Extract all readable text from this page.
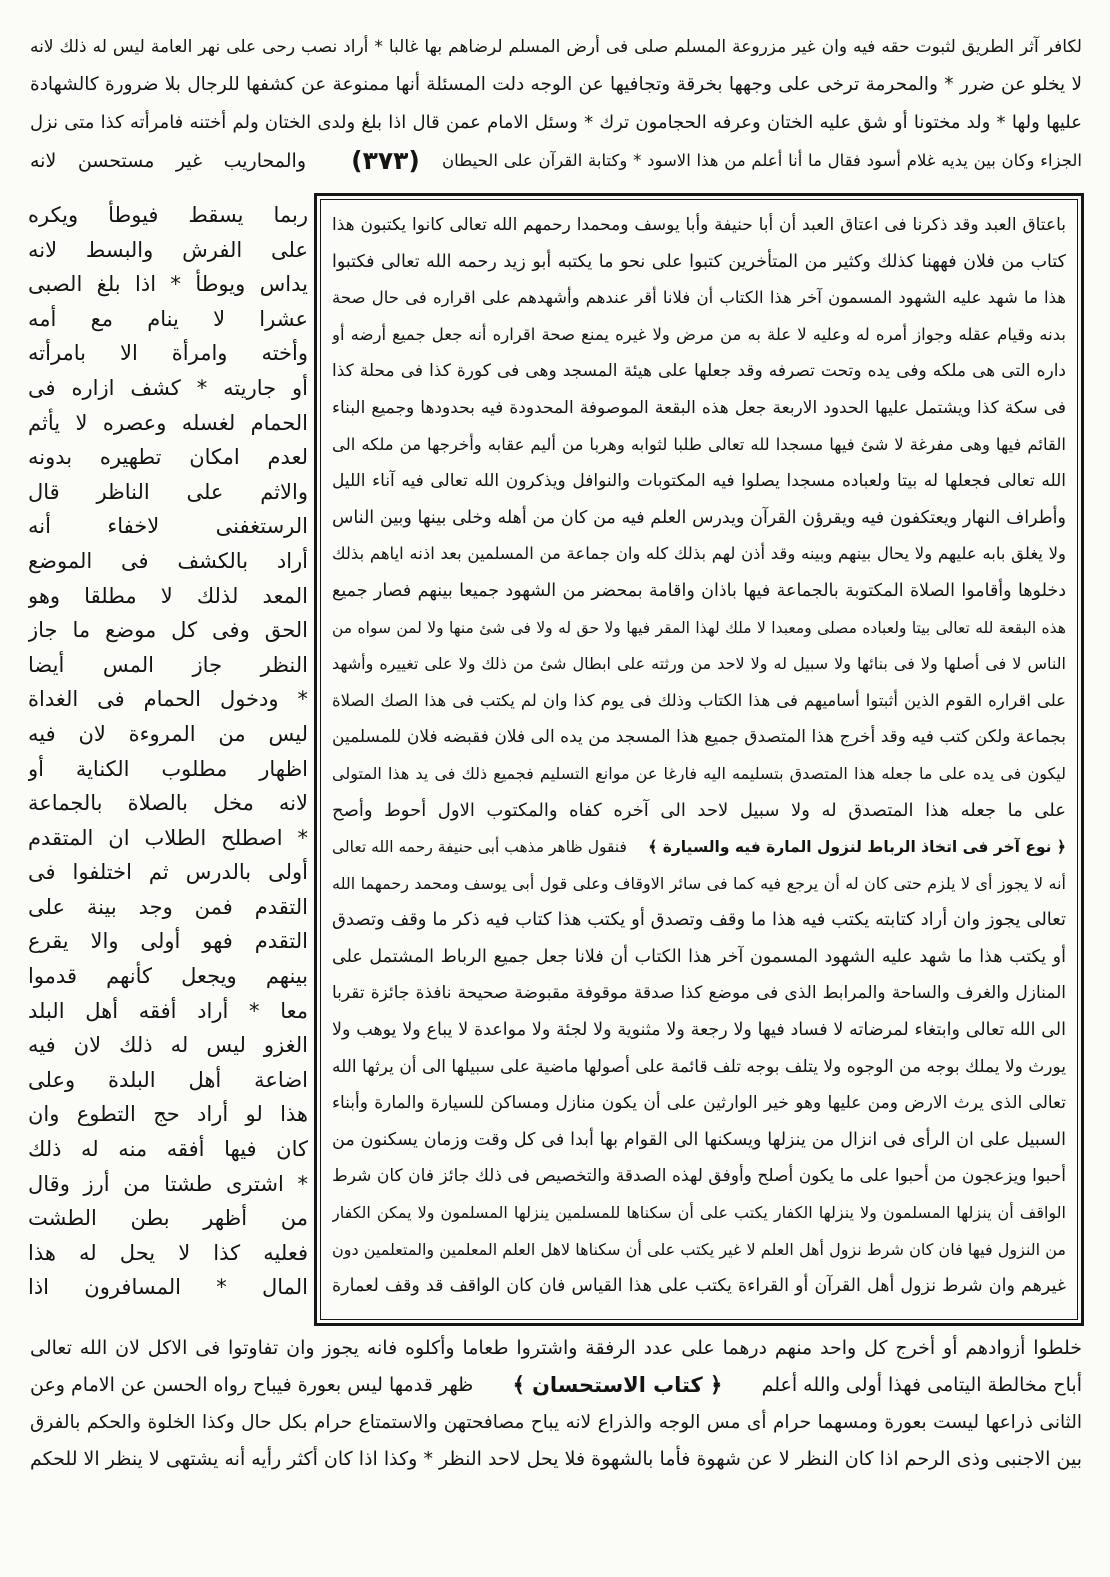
لكافر آثر الطريق لثبوت حقه فيه وان غير مزروعة المسلم صلى فى أرض المسلم لرضاهم بها غالبا * أراد نصب رحى على نهر العامة ليس له ذلك لانه
لا يخلو عن ضرر * والمحرمة ترخى على وجهها بخرقة وتجافيها عن الوجه دلت المسئلة أنها ممنوعة عن كشفها للرجال بلا ضرورة كالشهادة
عليها ولها * ولد مختونا أو شق عليه الختان وعرفه الحجامون ترك * وسئل الامام عمن قال اذا بلغ ولدى الختان ولم أختنه فامرأته كذا متى نزل
الجزاء وكان بين يديه غلام أسود فقال ما أنا أعلم من هذا الاسود * وكتابة القرآن على الحيطان
(٣٧٣)
والمحاريب غير مستحسن لانه
ربما يسقط فيوطأ ويكره
على الفرش والبسط لانه
يداس ويوطأ * اذا بلغ الصبى
عشرا لا ينام مع أمه
وأخته وامرأة الا بامرأته
أو جاريته * كشف ازاره فى
الحمام لغسله وعصره لا يأثم
لعدم امكان تطهيره بدونه
والاثم على الناظر قال
الرستغفنى لاخفاء أنه
أراد بالكشف فى الموضع
المعد لذلك لا مطلقا وهو
الحق وفى كل موضع ما جاز
النظر جاز المس أيضا
* ودخول الحمام فى الغداة
ليس من المروءة لان فيه
اظهار مطلوب الكناية أو
لانه مخل بالصلاة بالجماعة
* اصطلح الطلاب ان المتقدم
أولى بالدرس ثم اختلفوا فى
التقدم فمن وجد بينة على
التقدم فهو أولى والا يقرع
بينهم ويجعل كأنهم قدموا
معا * أراد أفقه أهل البلد
الغزو ليس له ذلك لان فيه
اضاعة أهل البلدة وعلى
هذا لو أراد حج التطوع وان
كان فيها أفقه منه له ذلك
* اشترى طشتا من أرز وقال
من أظهر بطن الطشت
فعليه كذا لا يحل له هذا
المال * المسافرون اذا
باعتاق العبد وقد ذكرنا فى اعتاق العبد أن أبا حنيفة وأبا يوسف ومحمدا رحمهم الله تعالى كانوا يكتبون هذا
كتاب من فلان فههنا كذلك وكثير من المتأخرين كتبوا على نحو ما يكتبه أبو زيد رحمه الله تعالى فكتبوا
هذا ما شهد عليه الشهود المسمون آخر هذا الكتاب أن فلانا أقر عندهم وأشهدهم على اقراره فى حال صحة
بدنه وقيام عقله وجواز أمره له وعليه لا علة به من مرض ولا غيره يمنع صحة اقراره أنه جعل جميع أرضه أو
داره التى هى ملكه وفى يده وتحت تصرفه وقد جعلها على هيئة المسجد وهى فى كورة كذا فى محلة كذا
فى سكة كذا ويشتمل عليها الحدود الاربعة جعل هذه البقعة الموصوفة المحدودة فيه بحدودها وجميع البناء
القائم فيها وهى مفرغة لا شئ فيها مسجدا لله تعالى طلبا لثوابه وهربا من أليم عقابه وأخرجها من ملكه الى
الله تعالى فجعلها له بيتا ولعباده مسجدا يصلوا فيه المكتوبات والنوافل ويذكرون الله تعالى فيه آناء الليل
وأطراف النهار ويعتكفون فيه ويقرؤن القرآن ويدرس العلم فيه من كان من أهله وخلى بينها وبين الناس
ولا يغلق بابه عليهم ولا يحال بينهم وبينه وقد أذن لهم بذلك كله وان جماعة من المسلمين بعد اذنه اياهم بذلك
دخلوها وأقاموا الصلاة المكتوبة بالجماعة فيها باذان واقامة بمحضر من الشهود جميعا بينهم فصار جميع
هذه البقعة لله تعالى بيتا ولعباده مصلى ومعبدا لا ملك لهذا المقر فيها ولا حق له ولا فى شئ منها ولا لمن سواه من
الناس لا فى أصلها ولا فى بنائها ولا سبيل له ولا لاحد من ورثته على ابطال شئ من ذلك ولا على تغييره وأشهد
على اقراره القوم الذين أثبتوا أساميهم فى هذا الكتاب وذلك فى يوم كذا وان لم يكتب فى هذا الصك الصلاة
بجماعة ولكن كتب فيه وقد أخرج هذا المتصدق جميع هذا المسجد من يده الى فلان فقبضه فلان للمسلمين
ليكون فى يده على ما جعله هذا المتصدق بتسليمه اليه فارغا عن موانع التسليم فجميع ذلك فى يد هذا المتولى
على ما جعله هذا المتصدق له ولا سبيل لاحد الى آخره كفاه والمكتوب الاول أحوط وأصح
﴿ نوع آخر فى اتخاذ الرباط لنزول المارة فيه والسيارة ﴾
فنقول ظاهر مذهب أبى حنيفة رحمه الله تعالى
أنه لا يجوز أى لا يلزم حتى كان له أن يرجع فيه كما فى سائر الاوقاف وعلى قول أبى يوسف ومحمد رحمهما الله
تعالى يجوز وان أراد كتابته يكتب فيه هذا ما وقف وتصدق أو يكتب هذا كتاب فيه ذكر ما وقف وتصدق
أو يكتب هذا ما شهد عليه الشهود المسمون آخر هذا الكتاب أن فلانا جعل جميع الرباط المشتمل على
المنازل والغرف والساحة والمرابط الذى فى موضع كذا صدقة موقوفة مقبوضة صحيحة نافذة جائزة تقربا
الى الله تعالى وابتغاء لمرضاته لا فساد فيها ولا رجعة ولا مثنوية ولا لجئة ولا مواعدة لا يباع ولا يوهب ولا
يورث ولا يملك بوجه من الوجوه ولا يتلف بوجه تلف قائمة على أصولها ماضية على سبيلها الى أن يرثها الله
تعالى الذى يرث الارض ومن عليها وهو خير الوارثين على أن يكون منازل ومساكن للسيارة والمارة وأبناء
السبيل على ان الرأى فى انزال من ينزلها ويسكنها الى القوام بها أبدا فى كل وقت وزمان يسكنون من
أحبوا ويزعجون من أحبوا على ما يكون أصلح وأوفق لهذه الصدقة والتخصيص فى ذلك جائز فان كان شرط
الواقف أن ينزلها المسلمون ولا ينزلها الكفار يكتب على أن سكناها للمسلمين ينزلها المسلمون ولا يمكن الكفار
من النزول فيها فان كان شرط نزول أهل العلم لا غير يكتب على أن سكناها لاهل العلم المعلمين والمتعلمين دون
غيرهم وان شرط نزول أهل القرآن أو القراءة يكتب على هذا القياس فان كان الواقف قد وقف لعمارة
خلطوا أزوادهم أو أخرج كل واحد منهم درهما على عدد الرفقة واشتروا طعاما وأكلوه فانه يجوز وان تفاوتوا فى الاكل لان الله تعالى
أباح مخالطة اليتامى فهذا أولى والله أعلم
﴿ كتاب الاستحسان ﴾
ظهر قدمها ليس بعورة فيباح رواه الحسن عن الامام وعن
الثانى ذراعها ليست بعورة ومسهما حرام أى مس الوجه والذراع لانه يباح مصافحتهن والاستمتاع حرام بكل حال وكذا الخلوة والحكم بالفرق
بين الاجنبى وذى الرحم اذا كان النظر لا عن شهوة فأما بالشهوة فلا يحل لاحد النظر * وكذا اذا كان أكثر رأيه أنه يشتهى لا ينظر الا للحكم
